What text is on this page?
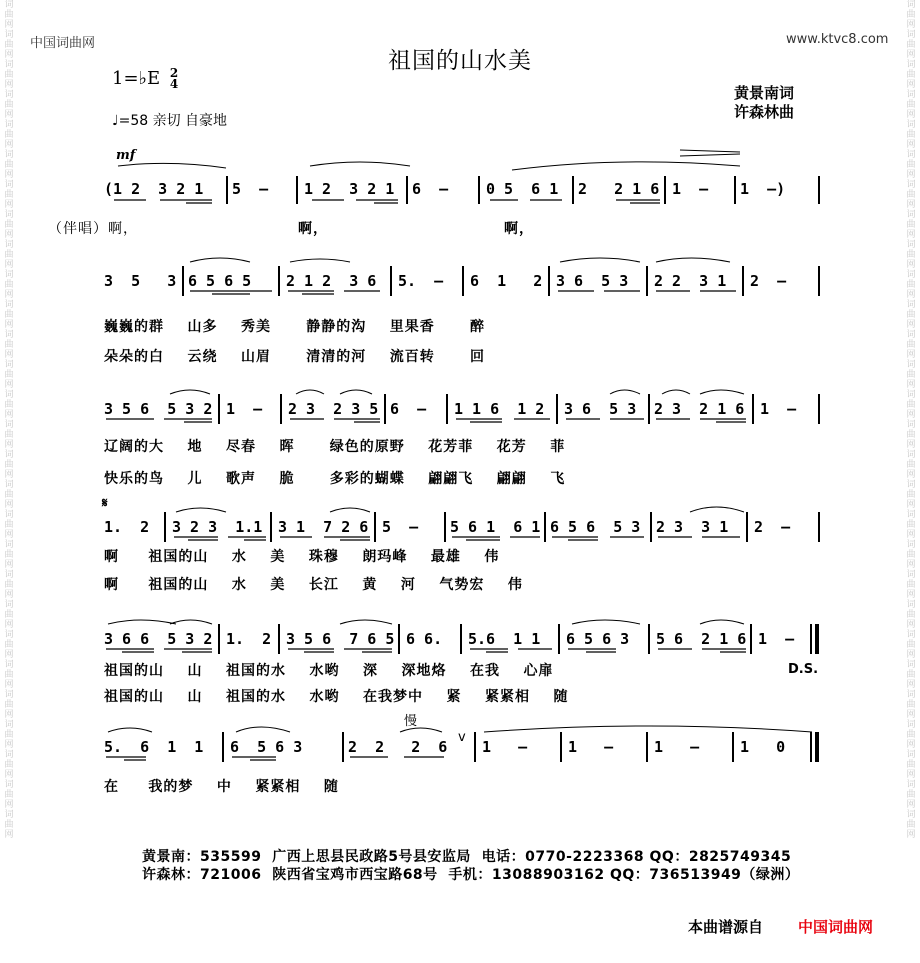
词曲网词曲网词曲网词曲网词曲网词曲网词曲网词曲网词曲网词曲网词曲网词曲网词曲网词曲网词曲网词曲网词曲网词曲网词曲网词曲网词曲网词曲网词曲网词曲网词曲网词曲网词曲网词曲网
词曲网词曲网词曲网词曲网词曲网词曲网词曲网词曲网词曲网词曲网词曲网词曲网词曲网词曲网词曲网词曲网词曲网词曲网词曲网词曲网词曲网词曲网词曲网词曲网词曲网词曲网词曲网词曲网
中国词曲网	www.ktvc8.com
祖国的山水美
1=♭E 2
4
♩=58 亲切 自豪地
黄景南词
许森林曲
mf
(1 2  3 2 1 5  – 1 2  3 2 1 6  –	0 5  6 1 2   2 1 6 1  – 1  –)
（伴唱）啊，	啊，	啊，
3  5   3 6 5 6 5 2 1 2  3 6 5.  – 6  1   2 3 6  5 3 2 2  3 1 2  –
巍巍的群    山多    秀美      静静的沟    里果香      醉
朵朵的白    云绕    山眉      清清的河    流百转      回
3 5 6  5 3 2 1  – 2 3  2 3 5 6  – 1 1 6  1 2 3 6  5 3 2 3  2 1 6 1  –
辽阔的大    地    尽春    晖      绿色的原野    花芳菲    花芳    菲
快乐的鸟    儿    歌声    脆      多彩的蝴蝶    翩翩飞    翩翩    飞
𝄋
1.  2 3 2 3  1.1 3 1  7 2 6 5  – 5 6 1  6 1 6 5 6  5 3 2 3  3 1 2  –
啊     祖国的山    水    美    珠穆    朗玛峰    最雄    伟
啊     祖国的山    水    美    长江    黄    河    气势宏    伟
3 6 6  5 3 2 1.  2 3 5 6  7 6 5 6 6. 5.6  1 1 6 5 6 3 5 6  2 1 6 1  –
祖国的山    山    祖国的水    水哟    深    深地烙    在我    心扉
祖国的山    山    祖国的水    水哟    在我梦中    紧    紧紧相    随
D.S.
慢
5.  6  1  1 6  5 6 3	2  2   2  6
v
1   –	1   –	1   –	1   0
在     我的梦    中    紧紧相    随
黄景南：535599  广西上思县民政路5号县安监局  电话：0770-2223368 QQ：2825749345
许森林：721006  陕西省宝鸡市西宝路68号  手机：13088903162 QQ：736513949（绿洲）
本曲谱源自 中国词曲网
